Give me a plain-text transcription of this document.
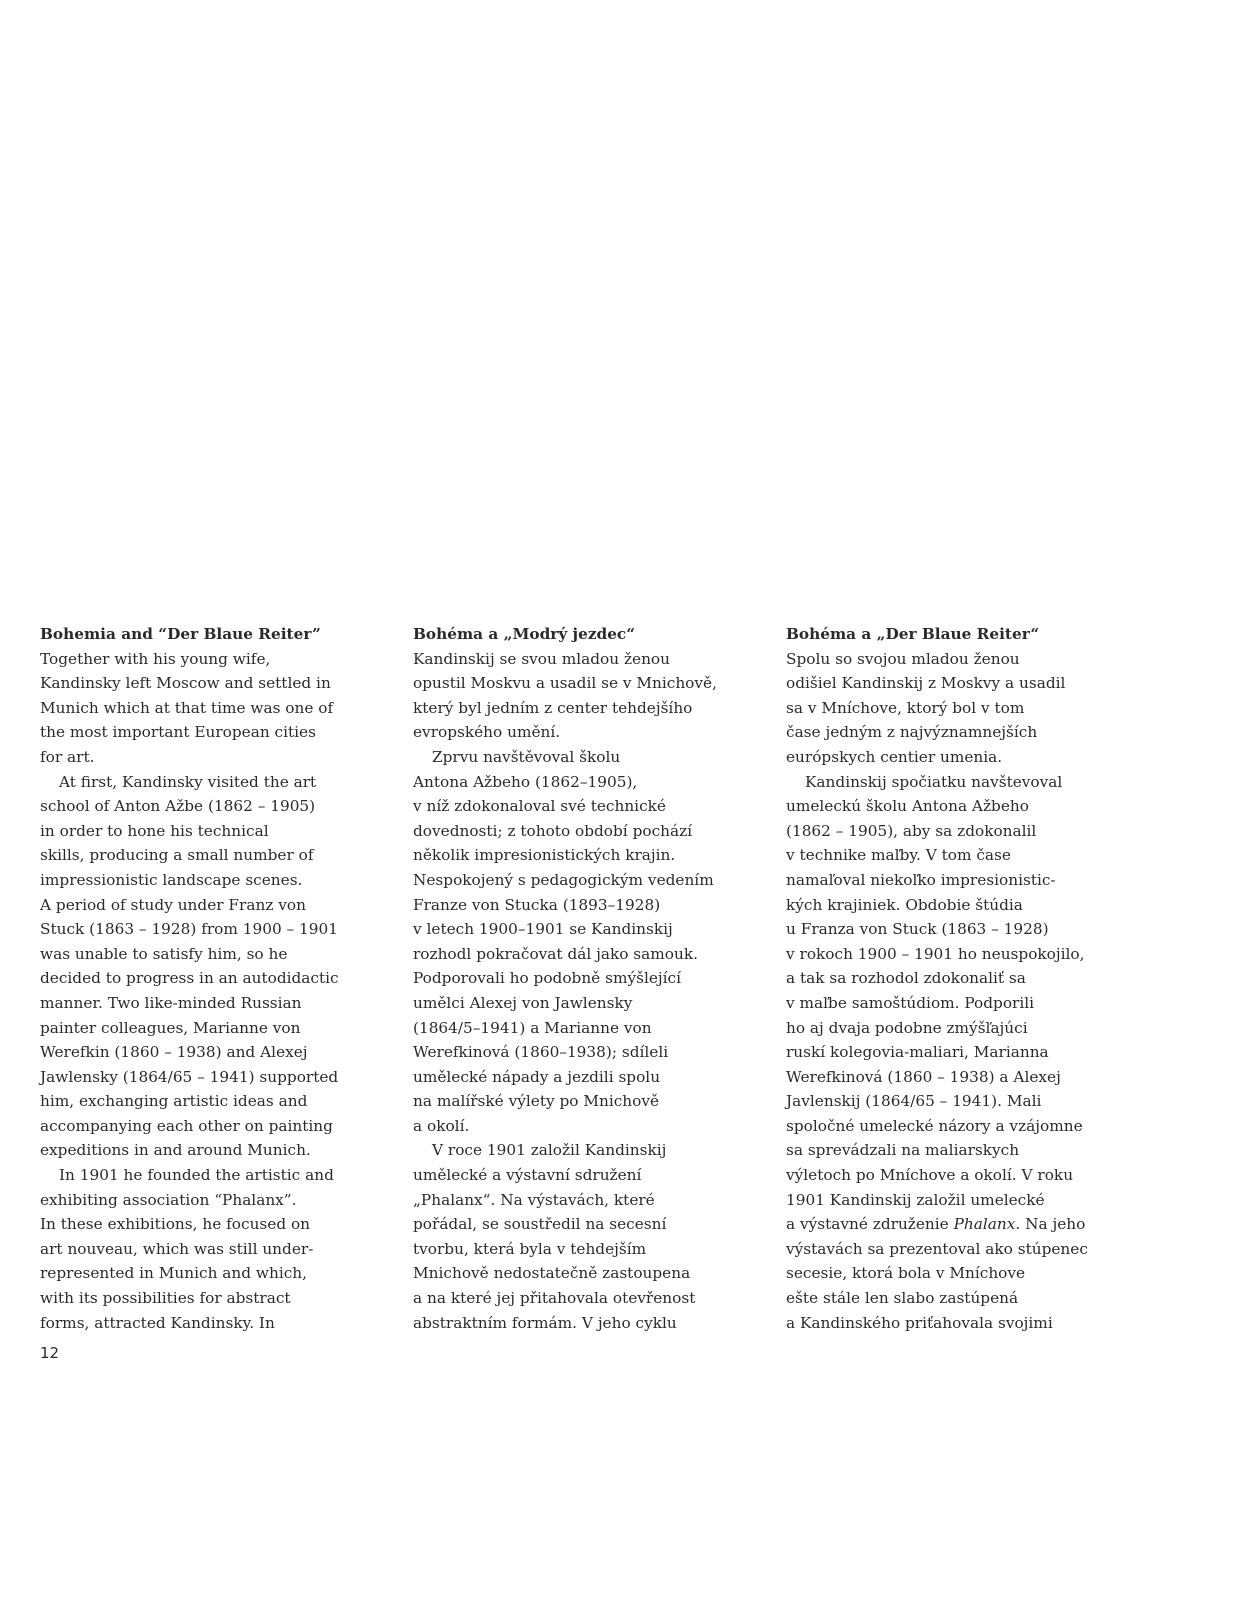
Bohemia and “Der Blaue Reiter”
Together with his young wife,
Kandinsky left Moscow and settled in
Munich which at that time was one of
the most important European cities
for art.
At first, Kandinsky visited the art
school of Anton Ažbe (1862 – 1905)
in order to hone his technical
skills, producing a small number of
impressionistic landscape scenes.
A period of study under Franz von
Stuck (1863 – 1928) from 1900 – 1901
was unable to satisfy him, so he
decided to progress in an autodidactic
manner. Two like-minded Russian
painter colleagues, Marianne von
Werefkin (1860 – 1938) and Alexej
Jawlensky (1864/65 – 1941) supported
him, exchanging artistic ideas and
accompanying each other on painting
expeditions in and around Munich.
In 1901 he founded the artistic and
exhibiting association “Phalanx”.
In these exhibitions, he focused on
art nouveau, which was still under-
represented in Munich and which,
with its possibilities for abstract
forms, attracted Kandinsky. In
Bohéma a „Modrý jezdec“
Kandinskij se svou mladou ženou
opustil Moskvu a usadil se v Mnichově,
který byl jedním z center tehdejšího
evropského umění.
Zprvu navštěvoval školu
Antona Ažbeho (1862–1905),
v níž zdokonaloval své technické
dovednosti; z tohoto období pochází
několik impresionistických krajin.
Nespokojený s pedagogickým vedením
Franze von Stucka (1893–1928)
v letech 1900–1901 se Kandinskij
rozhodl pokračovat dál jako samouk.
Podporovali ho podobně smýšlející
umělci Alexej von Jawlensky
(1864/5–1941) a Marianne von
Werefkinová (1860–1938); sdíleli
umělecké nápady a jezdili spolu
na malířské výlety po Mnichově
a okolí.
V roce 1901 založil Kandinskij
umělecké a výstavní sdružení
„Phalanx“. Na výstavách, které
pořádal, se soustředil na secesní
tvorbu, která byla v tehdejším
Mnichově nedostatečně zastoupena
a na které jej přitahovala otevřenost
abstraktním formám. V jeho cyklu
Bohéma a „Der Blaue Reiter“
Spolu so svojou mladou ženou
odišiel Kandinskij z Moskvy a usadil
sa v Mníchove, ktorý bol v tom
čase jedným z najvýznamnejších
európskych centier umenia.
Kandinskij spočiatku navštevoval
umeleckú školu Antona Ažbeho
(1862 – 1905), aby sa zdokonalil
v technike maľby. V tom čase
namaľoval niekoľko impresionistic-
kých krajiniek. Obdobie štúdia
u Franza von Stuck (1863 – 1928)
v rokoch 1900 – 1901 ho neuspokojilo,
a tak sa rozhodol zdokonaliť sa
v maľbe samoštúdiom. Podporili
ho aj dvaja podobne zmýšľajúci
ruskí kolegovia-maliari, Marianna
Werefkinová (1860 – 1938) a Alexej
Javlenskij (1864/65 – 1941). Mali
spoločné umelecké názory a vzájomne
sa sprevádzali na maliarskych
výletoch po Mníchove a okolí. V roku
1901 Kandinskij založil umelecké
a výstavné združenie Phalanx. Na jeho
výstavách sa prezentoval ako stúpenec
secesie, ktorá bola v Mníchove
ešte stále len slabo zastúpená
a Kandinského priťahovala svojimi
12
